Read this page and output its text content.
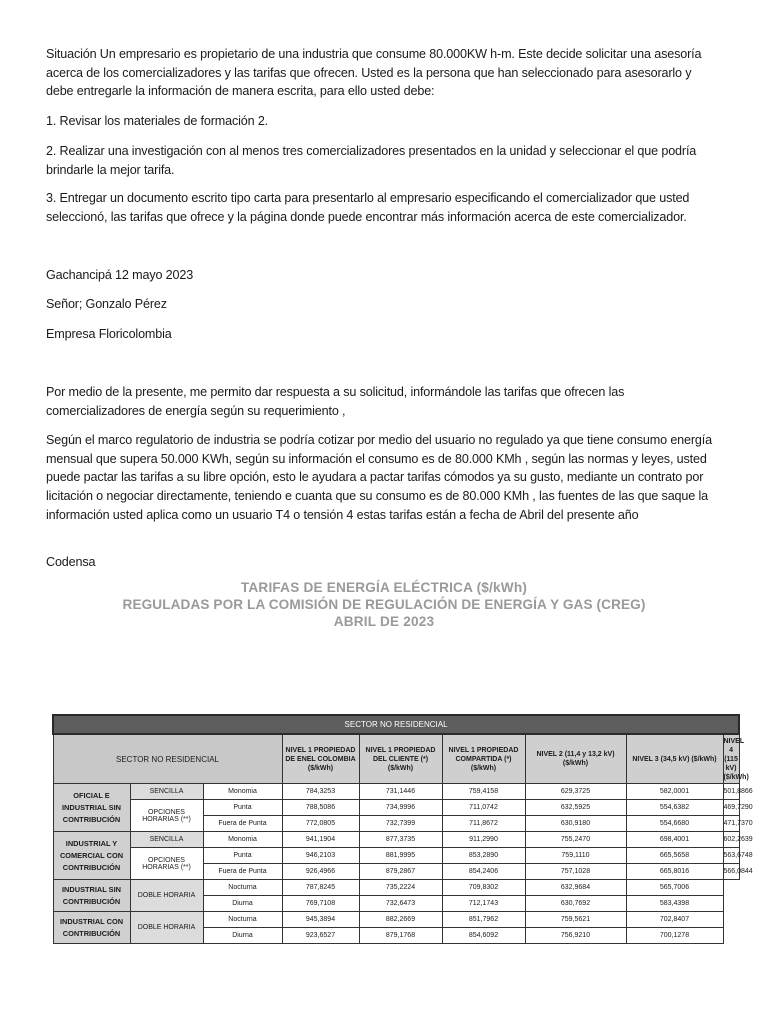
Situación Un empresario es propietario de una industria que consume 80.000KW h-m. Este decide solicitar una asesoría acerca de los comercializadores y las tarifas que ofrecen. Usted es la persona que han seleccionado para asesorarlo y debe entregarle la información de manera escrita, para ello usted debe:

1. Revisar los materiales de formación 2.

2. Realizar una investigación con al menos tres comercializadores presentados en la unidad y seleccionar el que podría brindarle la mejor tarifa.

3. Entregar un documento escrito tipo carta para presentarlo al empresario especificando el comercializador que usted seleccionó, las tarifas que ofrece y la página donde puede encontrar más información acerca de este comercializador.

Gachancipá 12 mayo 2023

Señor; Gonzalo Pérez

Empresa Floricolombia

Por medio de la presente, me permito dar respuesta a su solicitud, informándole las tarifas que ofrecen las comercializadores de energía según su requerimiento ,

Según el marco regulatorio de industria se podría cotizar por medio del usuario no regulado ya que tiene consumo energía mensual que supera 50.000 KWh, según su información el consumo es de 80.000 KMh , según las normas y leyes, usted puede pactar las tarifas a su libre opción, esto le ayudara a pactar tarifas cómodos ya su gusto, mediante un contrato por licitación o negociar directamente, teniendo e cuanta que su consumo es de 80.000 KMh , las fuentes de las que saque la información usted aplica como un usuario T4 o tensión 4 estas tarifas están a fecha de Abril del presente año

Codensa

TARIFAS DE ENERGÍA ELÉCTRICA ($/kWh)
REGULADAS POR LA COMISIÓN DE REGULACIÓN DE ENERGÍA Y GAS (CREG)
ABRIL DE 2023
SECTOR NO RESIDENCIAL								
SECTOR NO RESIDENCIAL			NIVEL 1 PROPIEDAD DE ENEL COLOMBIA ($/kWh)	NIVEL 1 PROPIEDAD DEL CLIENTE (*) ($/kWh)	NIVEL 1 PROPIEDAD COMPARTIDA (*) ($/kWh)	NIVEL 2 (11,4 y 13,2 kV) ($/kWh)	NIVEL 3 (34,5 kV) ($/kWh)	NIVEL 4 (115 kV) ($/kWh)
OFICIAL E INDUSTRIAL SIN CONTRIBUCIÓN	SENCILLA	Monomia	784,3253	731,1446	759,4158	629,3725	582,0001	501,8866
	OPCIONES HORARIAS (**)	Punta	788,5086	734,9996	711,0742	632,5925	554,6382	469,7290
		Fuera de Punta	772,0805	732,7399	711,8672	630,9180	554,6680	471,7370
INDUSTRIAL Y COMERCIAL CON CONTRIBUCIÓN	SENCILLA	Monomia	941,1904	877,3735	911,2990	755,2470	698,4001	602,2639
	OPCIONES HORARIAS (**)	Punta	946,2103	881,9995	853,2890	759,1110	665,5658	563,6748
		Fuera de Punta	926,4966	879,2867	854,2406	757,1028	665,8016	566,0844
INDUSTRIAL SIN CONTRIBUCIÓN	DOBLE HORARIA	Nocturna	787,8245	735,2224	709,8302	632,9684	565,7006	
		Diurna	769,7108	732,6473	712,1743	630,7692	583,4398	
INDUSTRIAL CON CONTRIBUCIÓN	DOBLE HORARIA	Nocturna	945,3894	882,2669	851,7962	759,5621	702,8407	
		Diurna	923,6527	879,1768	854,6092	756,9210	700,1278	
